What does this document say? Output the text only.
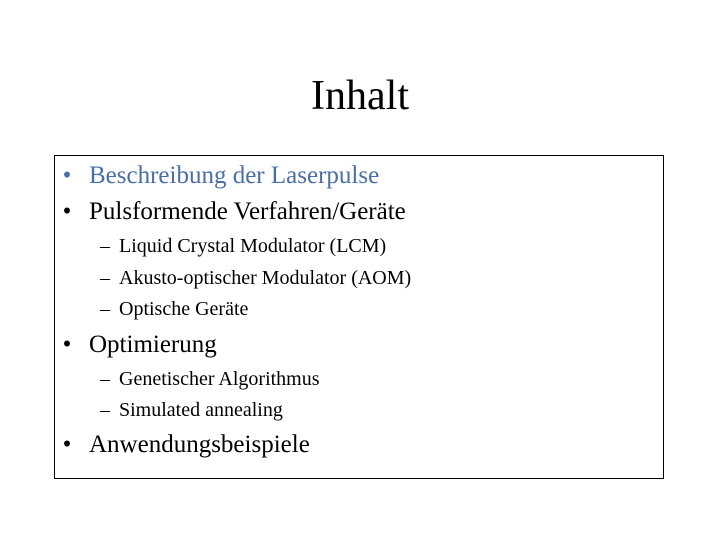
Inhalt
• Beschreibung der Laserpulse
• Pulsformende Verfahren/Geräte
– Liquid Crystal Modulator (LCM)
– Akusto-optischer Modulator (AOM)
– Optische Geräte
• Optimierung
– Genetischer Algorithmus
– Simulated annealing
• Anwendungsbeispiele
